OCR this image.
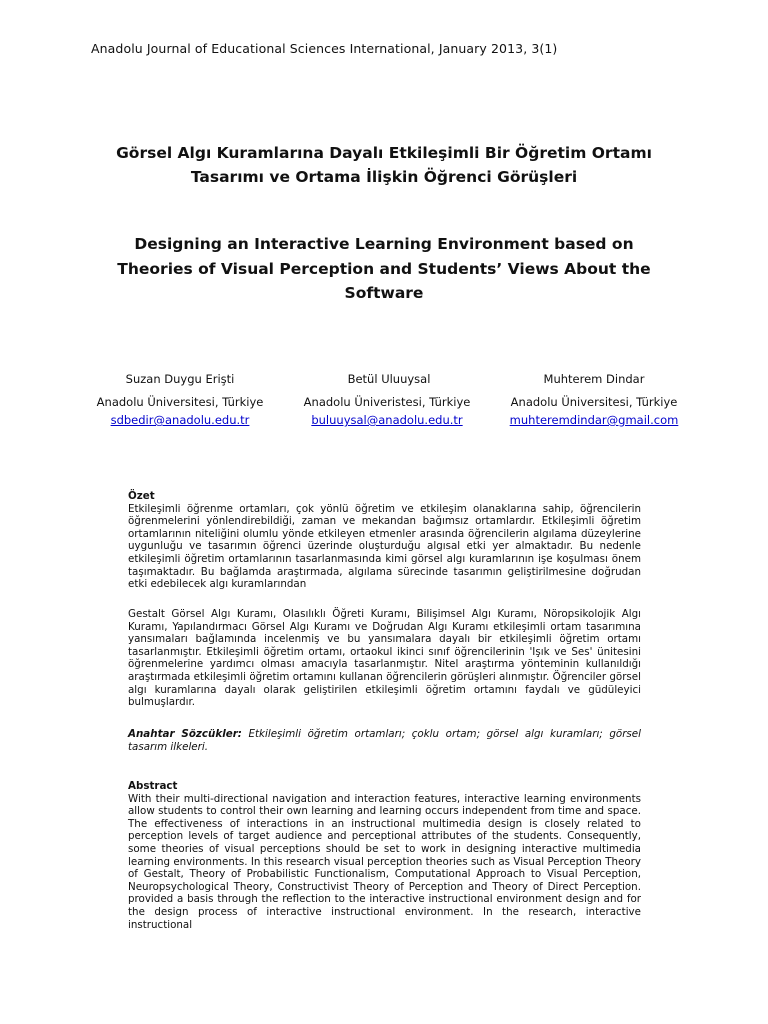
Anadolu Journal of Educational Sciences International, January 2013, 3(1)
Görsel Algı Kuramlarına Dayalı Etkileşimli Bir Öğretim Ortamı
Tasarımı ve Ortama İlişkin Öğrenci Görüşleri
Designing an Interactive Learning Environment based on
Theories of Visual Perception and Students’ Views About the
Software
Suzan Duygu Erişti
Anadolu Üniversitesi, Türkiye
sdbedir@anadolu.edu.tr
Betül Uluuysal
Anadolu Üniveristesi, Türkiye
buluuysal@anadolu.edu.tr
Muhterem Dindar
Anadolu Üniversitesi, Türkiye
muhteremdindar@gmail.com
Özet
Etkileşimli öğrenme ortamları, çok yönlü öğretim ve etkileşim olanaklarına sahip, öğrencilerin öğrenmelerini yönlendirebildiği, zaman ve mekandan bağımsız ortamlardır. Etkileşimli öğretim ortamlarının niteliğini olumlu yönde etkileyen etmenler arasında öğrencilerin algılama düzeylerine uygunluğu ve tasarımın öğrenci üzerinde oluşturduğu algısal etki yer almaktadır. Bu nedenle etkileşimli öğretim ortamlarının tasarlanmasında kimi görsel algı kuramlarının işe koşulması önem taşımaktadır. Bu bağlamda araştırmada, algılama sürecinde tasarımın geliştirilmesine doğrudan etki edebilecek algı kuramlarından
Gestalt Görsel Algı Kuramı, Olasılıklı Öğreti Kuramı, Bilişimsel Algı Kuramı, Nöropsikolojik Algı Kuramı, Yapılandırmacı Görsel Algı Kuramı ve Doğrudan Algı Kuramı etkileşimli ortam tasarımına yansımaları bağlamında incelenmiş ve bu yansımalara dayalı bir etkileşimli öğretim ortamı tasarlanmıştır. Etkileşimli öğretim ortamı, ortaokul ikinci sınıf öğrencilerinin 'Işık ve Ses' ünitesini öğrenmelerine yardımcı olması amacıyla tasarlanmıştır. Nitel araştırma yönteminin kullanıldığı araştırmada etkileşimli öğretim ortamını kullanan öğrencilerin görüşleri alınmıştır. Öğrenciler görsel algı kuramlarına dayalı olarak geliştirilen etkileşimli öğretim ortamını faydalı ve güdüleyici bulmuşlardır.
Anahtar Sözcükler: Etkileşimli öğretim ortamları; çoklu ortam; görsel algı kuramları; görsel tasarım ilkeleri.
Abstract
With their multi-directional navigation and interaction features, interactive learning environments allow students to control their own learning and learning occurs independent from time and space. The effectiveness of interactions in an instructional multimedia design is closely related to perception levels of target audience and perceptional attributes of the students. Consequently, some theories of visual perceptions should be set to work in designing interactive multimedia learning environments. In this research visual perception theories such as Visual Perception Theory of Gestalt, Theory of Probabilistic Functionalism, Computational Approach to Visual Perception, Neuropsychological Theory, Constructivist Theory of Perception and Theory of Direct Perception. provided a basis through the reflection to the interactive instructional environment design and for the design process of interactive instructional environment. In the research, interactive instructional
